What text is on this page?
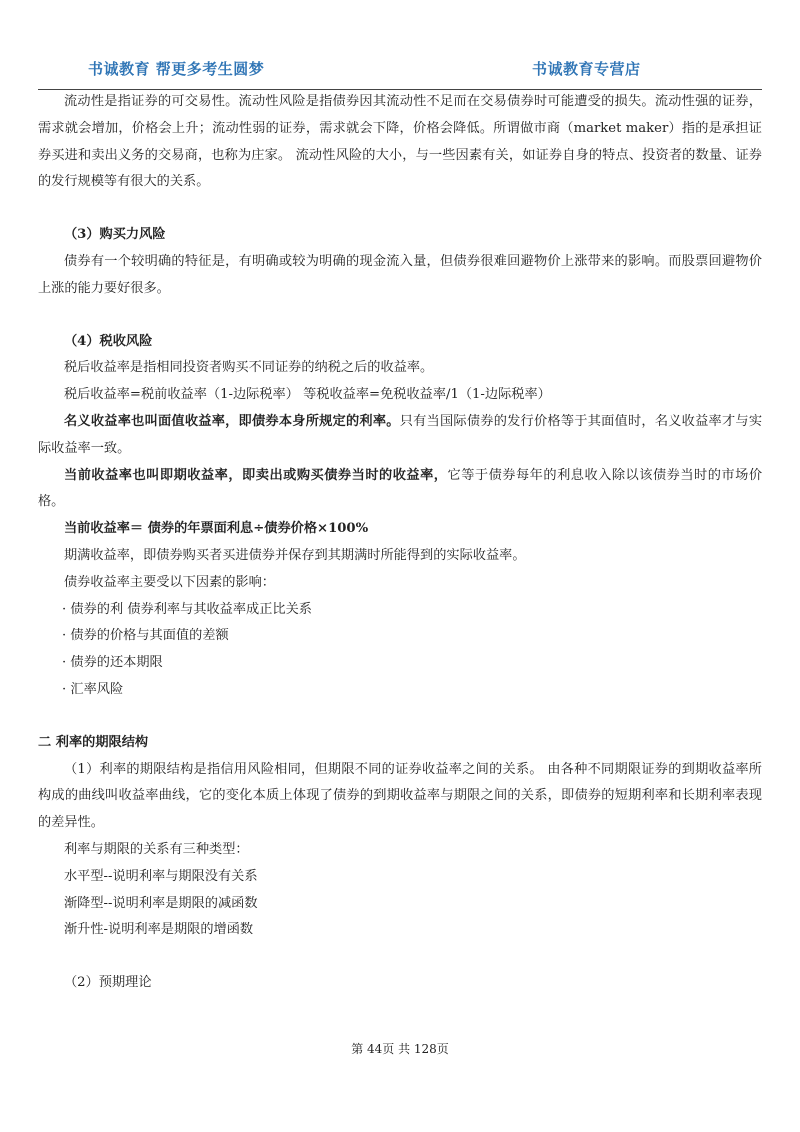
书诚教育 帮更多考生圆梦	书诚教育专营店

流动性是指证券的可交易性。流动性风险是指债券因其流动性不足而在交易债券时可能遭受的损失。流动性强的证券，需求就会增加，价格会上升；流动性弱的证券，需求就会下降，价格会降低。所谓做市商（market maker）指的是承担证券买进和卖出义务的交易商，也称为庄家。 流动性风险的大小，与一些因素有关，如证券自身的特点、投资者的数量、证券的发行规模等有很大的关系。

（3）购买力风险

债券有一个较明确的特征是，有明确或较为明确的现金流入量，但债券很难回避物价上涨带来的影响。而股票回避物价上涨的能力要好很多。

（4）税收风险

税后收益率是指相同投资者购买不同证券的纳税之后的收益率。

税后收益率=税前收益率（1-边际税率） 等税收益率=免税收益率/1（1-边际税率）

名义收益率也叫面值收益率，即债券本身所规定的利率。只有当国际债券的发行价格等于其面值时，名义收益率才与实际收益率一致。

当前收益率也叫即期收益率，即卖出或购买债券当时的收益率，它等于债券每年的利息收入除以该债券当时的市场价格。

当前收益率＝ 债券的年票面利息÷债券价格×100%

期满收益率，即债券购买者买进债券并保存到其期满时所能得到的实际收益率。

债券收益率主要受以下因素的影响：

· 债券的利 债券利率与其收益率成正比关系

· 债券的价格与其面值的差额

· 债券的还本期限

· 汇率风险

二 利率的期限结构

（1）利率的期限结构是指信用风险相同，但期限不同的证券收益率之间的关系。 由各种不同期限证券的到期收益率所构成的曲线叫收益率曲线，它的变化本质上体现了债券的到期收益率与期限之间的关系，即债券的短期利率和长期利率表现的差异性。

利率与期限的关系有三种类型：

水平型--说明利率与期限没有关系

渐降型--说明利率是期限的减函数

渐升性-说明利率是期限的增函数

（2）预期理论

第 44页 共 128页
